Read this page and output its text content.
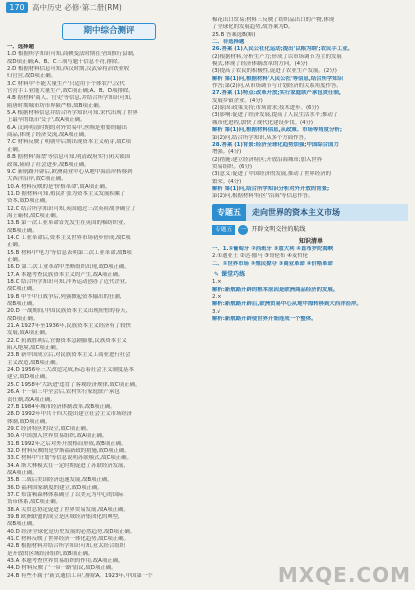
170 高中历史 必修·第二册(RM)
期中综合测评

一、选择题

1.D 根据所学知识可知,商鞅变法时期在全国推行县制,

故D项正确;A、B、C三项与题干信息不符,排除。

2.D 根据材料信息可知,西汉时期,汉武帝将冶铁业收

归官营,故D项正确。

3.C 材料中'不能大量生产'只适用于个体农户,汉代

官营手工业能大量生产,故C项正确;A、B、D项排除。

4.B 据材料'商人、官吏'等信息,并结合所学知识可知,

隋唐时期城市坊市界限严格,故B项正确。

5.A 根据材料信息并结合所学知识可知,宋代出现了世界

上最早的纸币'交子',故A项正确。

6.A 汉到明清时期的对外贸易中,丝绸是重要的输出

商品,体现了经济交流,故A项正确。

7.C 材料反映了明朝中后期出现资本主义萌芽,故C项

正确。

8.B 据材料'海禁'等信息可知,明清政府实行闭关锁国

政策,阻碍了社会进步,故B项正确。

9.C 新航路开辟后,欧洲商业中心从地中海沿岸转移到

大西洋沿岸,故C项正确。

10.A 材料反映的是'价格革命',故A项正确。

11.D 据材料可知,殖民扩张为资本主义发展积累了

资本,故D项正确。

12.C 结合所学知识可知,英国通过三次英荷战争确立了

海上霸权,故C项正确。

13.B 第一次工业革命首先发生在英国的棉纺织业,

故B项正确。

14.C 工业革命后,资本主义世界市场初步形成,故C项

正确。

15.B 材料中'电力'等信息表明第二次工业革命,故B项

正确。

16.D 第二次工业革命中垄断组织出现,故D项正确。

17.A 本题考查民族资本主义的产生,故A项正确。

18.C 结合所学知识可知,洋务运动创办了近代企业,

故C项正确。

19.B 甲午中日战争后,列强掀起资本输出的狂潮,

故B项正确。

20.D 一战期间,中国民族资本主义出现短暂的春天,

故D项正确。

21.A 1927年至1936年,民族资本主义经济有了较快

发展,故A项正确。

22.C 抗战胜利后,官僚资本急剧膨胀,民族资本主义

陷入绝境,故C项正确。

23.B 新中国成立后,对民族资本主义工商业进行社会

主义改造,故B项正确。

24.D 1956年三大改造完成,标志着社会主义制度基本

建立,故D项正确。

25.C 1958年'大跃进'违背了客观经济规律,故C项正确。

26.A 十一届三中全会后,农村实行家庭联产承包

责任制,故A项正确。

27.B 1984年城市经济体制改革,故B项正确。

28.D 1992年中共十四大提出建立社会主义市场经济

体制,故D项正确。

29.C 经济特区的设立,故C项正确。

30.A 中国加入世界贸易组织,故A项正确。

31.B 1992年之后对外开放格局形成,故B项正确。

32.D 材料反映的是罗斯福新政的措施,故D项正确。

33.C 材料中'计划'等信息说明苏联模式,故C项正确。

34.A 斯大林模式在一定时期促进了苏联经济发展,

故A项正确。

35.B 二战后美国经济迅速发展,故B项正确。

36.D 福利国家制度的建立,故D项正确。

37.C 布雷顿森林体系确立了以美元为中心的国际

货币体系,故C项正确。

38.A 关贸总协定促进了世界贸易发展,故A项正确。

39.B 欧洲联盟的成立是区域经济集团化的典型,

故B项正确。

40.D 经济全球化是历史发展的必然趋势,故D项正确。

41.C 材料反映了世界经济一体化趋势,故C项正确。

42.B 根据材料并结合所学知识可知,亚太经合组织

是开放的区域经济组织,故B项正确。

43.A 本题考查世界贸易组织的作用,故A项正确。

44.D 材料反映了'一带一路'倡议,故D项正确。

24.B 有些不属于'新式通信工具',排除A。1923年,中国第一个

棉花出口贸易;材料三反映了纺织品出口的产物,体现

了全球化的发展趋势,故答案为D。

25.B 答案选B(略)

二、非选择题

26.答案 (1)人民公社化运动;提出'以粮为纲';农民手工业。

(2)根据材料,分析生产力;形成了以市场调节为主的发展

模式,体现了经济体制改革的方向。(4分)

(3)提高了农民的积极性,促进了农业生产发展。(2分)

解析 第(1)问,根据材料'人民公社'等信息,结合所学知识

作答;第(2)问,从市场调节与计划经济的关系角度作答。

27.答案 (1)特点:改革开放;实行家庭联产承包责任制,

发展乡镇企业。(4分)

(2)原因:政策支持;市场需求;技术进步。(6分)

(3)影响:促进了经济发展,提高了人民生活水平;推动了

城市化进程,加快了现代化建设步伐。(4分)

解析 第(1)问,根据材料信息,从政策、市场等角度分析;

第(2)问,结合所学知识,从多个方面作答。

28.答案 (1)背景:经济全球化趋势加强;中国综合国力

增强。(4分)

(2)措施:建立经济特区;开放沿海城市;加入世界

贸易组织。(6分)

(3)意义:促进了中国经济的发展,推动了世界经济的

繁荣。(4分)

解析 第(1)问,结合所学知识分析对外开放的背景;

第(2)问,根据材料'特区''沿海'等信息作答。

专题五	走向世界的资本主义市场
专题五	一 开辟文明交往的航线
知识清单

一、1.①葡萄牙 ②西班牙 ③意大利 ④直布罗陀海峡

2.①迪亚士 ②达·伽马 ③哥伦布 ④麦哲伦

二、①世界市场 ②殖民掠夺 ③商业革命 ④价格革命

✎ 课堂巧练

1.×

解析:新航路开辟的根本原因是欧洲商品经济的发展。

2.×

解析:新航路开辟后,欧洲贸易中心从地中海转移到大西洋沿岸。

3.√

解析:新航路开辟使世界开始连成一个整体。

MXQE.COM
